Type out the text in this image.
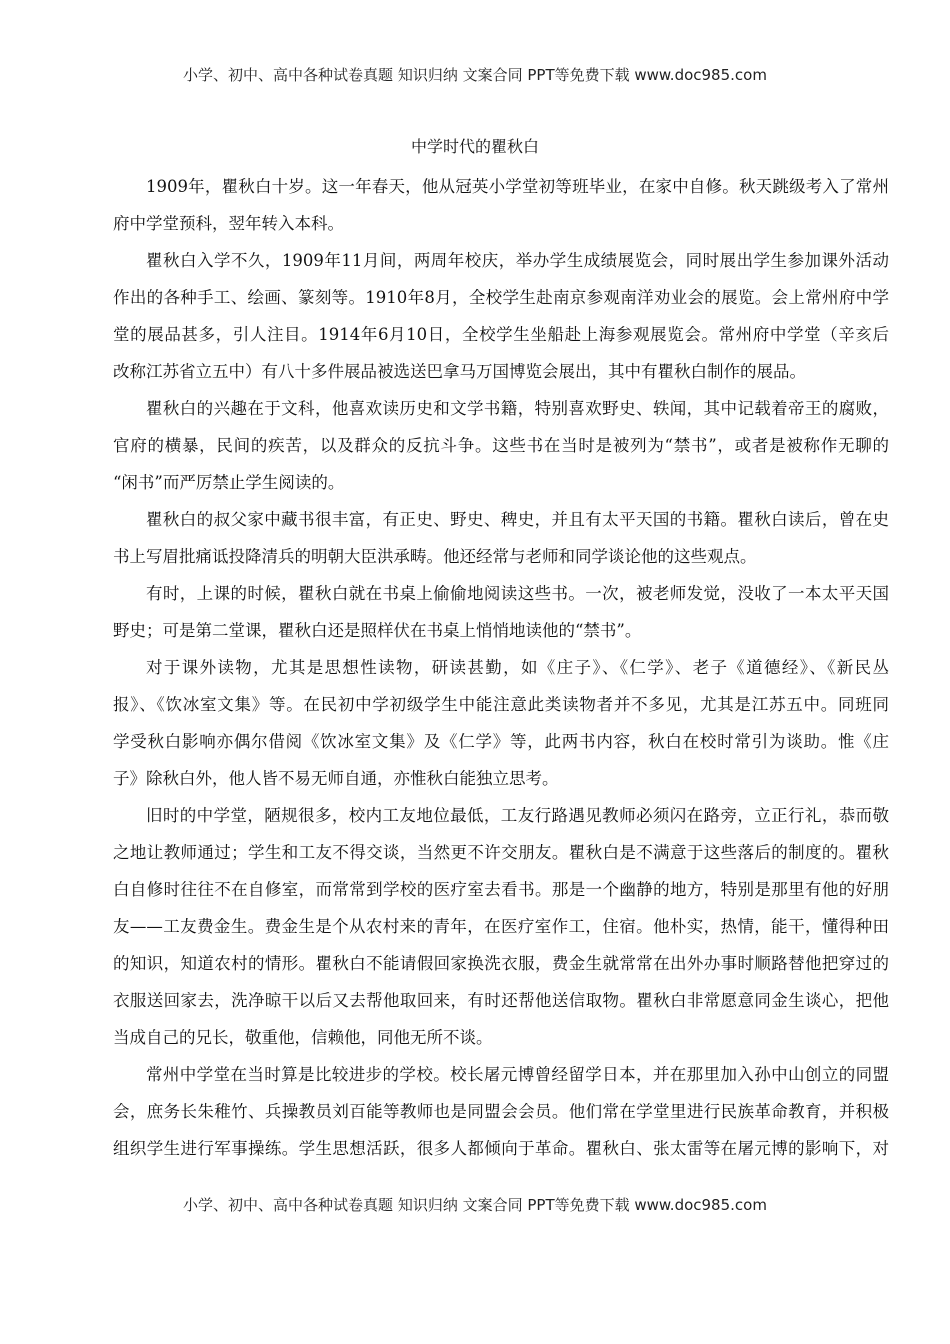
小学、初中、高中各种试卷真题 知识归纳 文案合同 PPT等免费下载 www.doc985.com
中学时代的瞿秋白
1909年，瞿秋白十岁。这一年春天，他从冠英小学堂初等班毕业，在家中自修。秋天跳级考入了常州
府中学堂预科，翌年转入本科。
瞿秋白入学不久，1909年11月间，两周年校庆，举办学生成绩展览会，同时展出学生参加课外活动
作出的各种手工、绘画、篆刻等。1910年8月，全校学生赴南京参观南洋劝业会的展览。会上常州府中学
堂的展品甚多，引人注目。1914年6月10日，全校学生坐船赴上海参观展览会。常州府中学堂（辛亥后
改称江苏省立五中）有八十多件展品被选送巴拿马万国博览会展出，其中有瞿秋白制作的展品。
瞿秋白的兴趣在于文科，他喜欢读历史和文学书籍，特别喜欢野史、轶闻，其中记载着帝王的腐败，
官府的横暴，民间的疾苦，以及群众的反抗斗争。这些书在当时是被列为“禁书”，或者是被称作无聊的
“闲书”而严厉禁止学生阅读的。
瞿秋白的叔父家中藏书很丰富，有正史、野史、稗史，并且有太平天国的书籍。瞿秋白读后，曾在史
书上写眉批痛诋投降清兵的明朝大臣洪承畴。他还经常与老师和同学谈论他的这些观点。
有时，上课的时候，瞿秋白就在书桌上偷偷地阅读这些书。一次，被老师发觉，没收了一本太平天国
野史；可是第二堂课，瞿秋白还是照样伏在书桌上悄悄地读他的“禁书”。
对于课外读物，尤其是思想性读物，研读甚勤，如《庄子》、《仁学》、老子《道德经》、《新民丛
报》、《饮冰室文集》等。在民初中学初级学生中能注意此类读物者并不多见，尤其是江苏五中。同班同
学受秋白影响亦偶尔借阅《饮冰室文集》及《仁学》等，此两书内容，秋白在校时常引为谈助。惟《庄
子》除秋白外，他人皆不易无师自通，亦惟秋白能独立思考。
旧时的中学堂，陋规很多，校内工友地位最低，工友行路遇见教师必须闪在路旁，立正行礼，恭而敬
之地让教师通过；学生和工友不得交谈，当然更不许交朋友。瞿秋白是不满意于这些落后的制度的。瞿秋
白自修时往往不在自修室，而常常到学校的医疗室去看书。那是一个幽静的地方，特别是那里有他的好朋
友——工友费金生。费金生是个从农村来的青年，在医疗室作工，住宿。他朴实，热情，能干，懂得种田
的知识，知道农村的情形。瞿秋白不能请假回家换洗衣服，费金生就常常在出外办事时顺路替他把穿过的
衣服送回家去，洗净晾干以后又去帮他取回来，有时还帮他送信取物。瞿秋白非常愿意同金生谈心，把他
当成自己的兄长，敬重他，信赖他，同他无所不谈。
常州中学堂在当时算是比较进步的学校。校长屠元博曾经留学日本，并在那里加入孙中山创立的同盟
会，庶务长朱稚竹、兵操教员刘百能等教师也是同盟会会员。他们常在学堂里进行民族革命教育，并积极
组织学生进行军事操练。学生思想活跃，很多人都倾向于革命。瞿秋白、张太雷等在屠元博的影响下，对
小学、初中、高中各种试卷真题 知识归纳 文案合同 PPT等免费下载 www.doc985.com
